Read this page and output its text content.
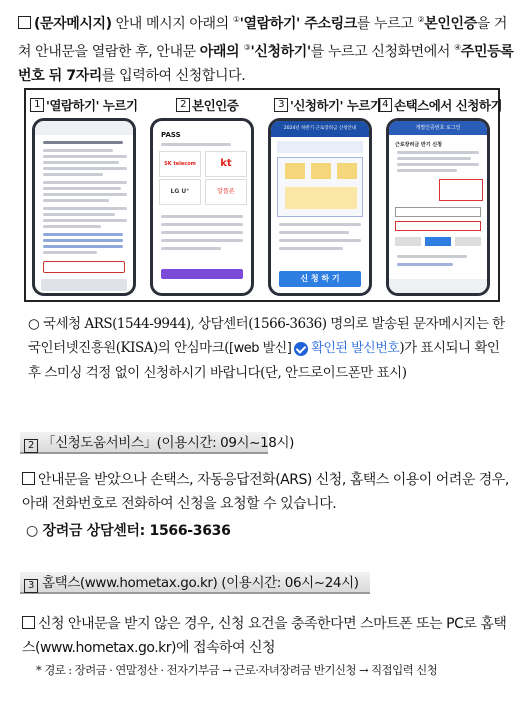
(문자메시지) 안내 메시지 아래의 ①'열람하기' 주소링크를 누르고 ②본인인증을 거쳐 안내문을 열람한 후, 안내문 아래의 ③'신청하기'를 누르고 신청화면에서 ④주민등록번호 뒤 7자리를 입력하여 신청합니다.
1 '열람하기' 누르기	2 본인인증	3 '신청하기' 누르기 4 손택스에서 신청하기
PASS
SK telecom	kt
LG U⁺	알뜰폰
2024년 하반기 근로장려금 신청안내
신 청 하 기
개별인증번호 로그인
근로장려금 반기 신청
○ 국세청 ARS(1544-9944), 상담센터(1566-3636) 명의로 발송된 문자메시지는 한국인터넷진흥원(KISA)의 안심마크( [web 발신] 확인된 발신번호 )가 표시되니 확인 후 스미싱 걱정 없이 신청하시기 바랍니다(단, 안드로이드폰만 표시)
2 「신청도움서비스」(이용시간: 09시~18시)
안내문을 받았으나 손택스, 자동응답전화(ARS) 신청, 홈택스 이용이 어려운 경우, 아래 전화번호로 전화하여 신청을 요청할 수 있습니다.
○ 장려금 상담센터: 1566-3636
3 홈택스(www.hometax.go.kr) (이용시간: 06시~24시)
신청 안내문을 받지 않은 경우, 신청 요건을 충족한다면 스마트폰 또는 PC로 홈택스(www.hometax.go.kr)에 접속하여 신청
* 경로 : 장려금 · 연말정산 · 전자기부금 → 근로·자녀장려금 반기신청 → 직접입력 신청
